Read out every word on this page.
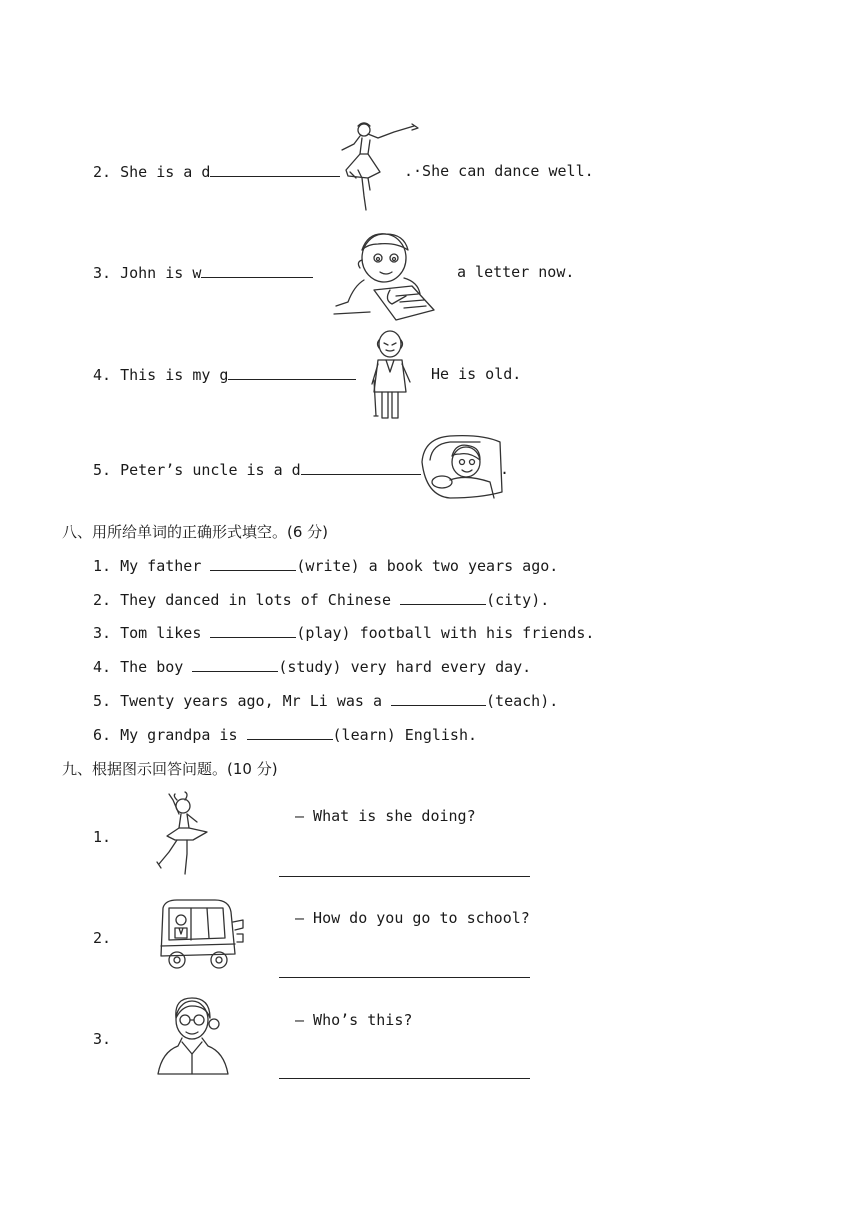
2. She is a d	.·She can dance well.
3. John is w	a letter now.
4. This is my g	He is old.
5. Peter’s uncle is a d	.
八、用所给单词的正确形式填空。(6 分)
1. My father	(write) a book two years ago.
2. They danced in lots of Chinese	(city).
3. Tom likes	(play) football with his friends.
4. The boy	(study) very hard every day.
5. Twenty years ago, Mr Li was a	(teach).
6. My grandpa is	(learn) English.
九、根据图示回答问题。(10 分)
1.
— What is she doing?
2.
— How do you go to school?
3.
— Who’s this?
